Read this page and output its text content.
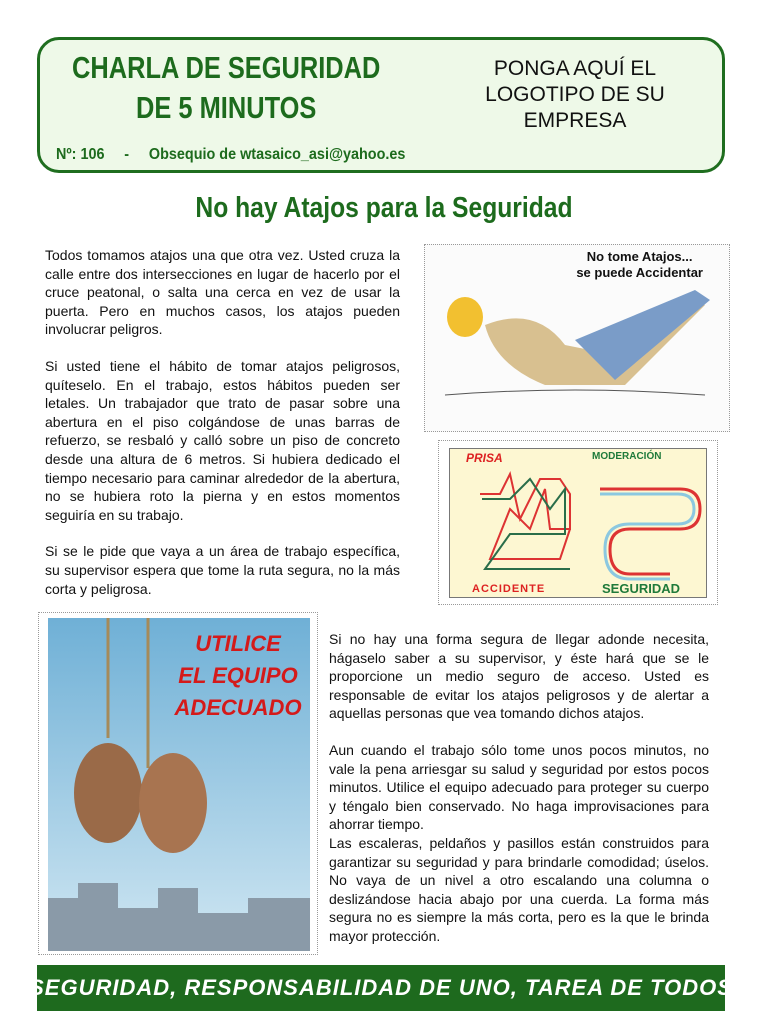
CHARLA DE SEGURIDAD
DE 5 MINUTOS
PONGA AQUÍ EL
LOGOTIPO DE SU
EMPRESA
Nº: 106 - Obsequio de wtasaico_asi@yahoo.es
No hay Atajos para la Seguridad

Todos tomamos atajos una que otra vez. Usted cruza la calle entre dos intersecciones en lugar de hacerlo por el cruce peatonal, o salta una cerca en vez de usar la puerta. Pero en muchos casos, los atajos pueden involucrar peligros.

Si usted tiene el hábito de tomar atajos peligrosos, quíteselo. En el trabajo, estos hábitos pueden ser letales. Un trabajador que trato de pasar sobre una abertura en el piso colgándose de unas barras de refuerzo, se resbaló y calló sobre un piso de concreto desde una altura de 6 metros. Si hubiera dedicado el tiempo necesario para caminar alrededor de la abertura, no se hubiera roto la pierna y en estos momentos seguiría en su trabajo.

Si se le pide que vaya a un área de trabajo específica, su supervisor espera que tome la ruta segura, no la más corta y peligrosa.

No tome Atajos...
se puede Accidentar
PRISA	MODERACIÓN
ACCIDENTE	SEGURIDAD
UTILICE
EL EQUIPO
ADECUADO

Si no hay una forma segura de llegar adonde necesita, hágaselo saber a su supervisor, y éste hará que se le proporcione un medio seguro de acceso. Usted es responsable de evitar los atajos peligrosos y de alertar a aquellas personas que vea tomando dichos atajos.

Aun cuando el trabajo sólo tome unos pocos minutos, no vale la pena arriesgar su salud y seguridad por estos pocos minutos. Utilice el equipo adecuado para proteger su cuerpo y téngalo bien conservado. No haga improvisaciones para ahorrar tiempo.

Las escaleras, peldaños y pasillos están construidos para garantizar su seguridad y para brindarle comodidad; úselos. No vaya de un nivel a otro escalando una columna o deslizándose hacia abajo por una cuerda. La forma más segura no es siempre la más corta, pero es la que le brinda mayor protección.

SEGURIDAD, RESPONSABILIDAD DE UNO, TAREA DE TODOS
